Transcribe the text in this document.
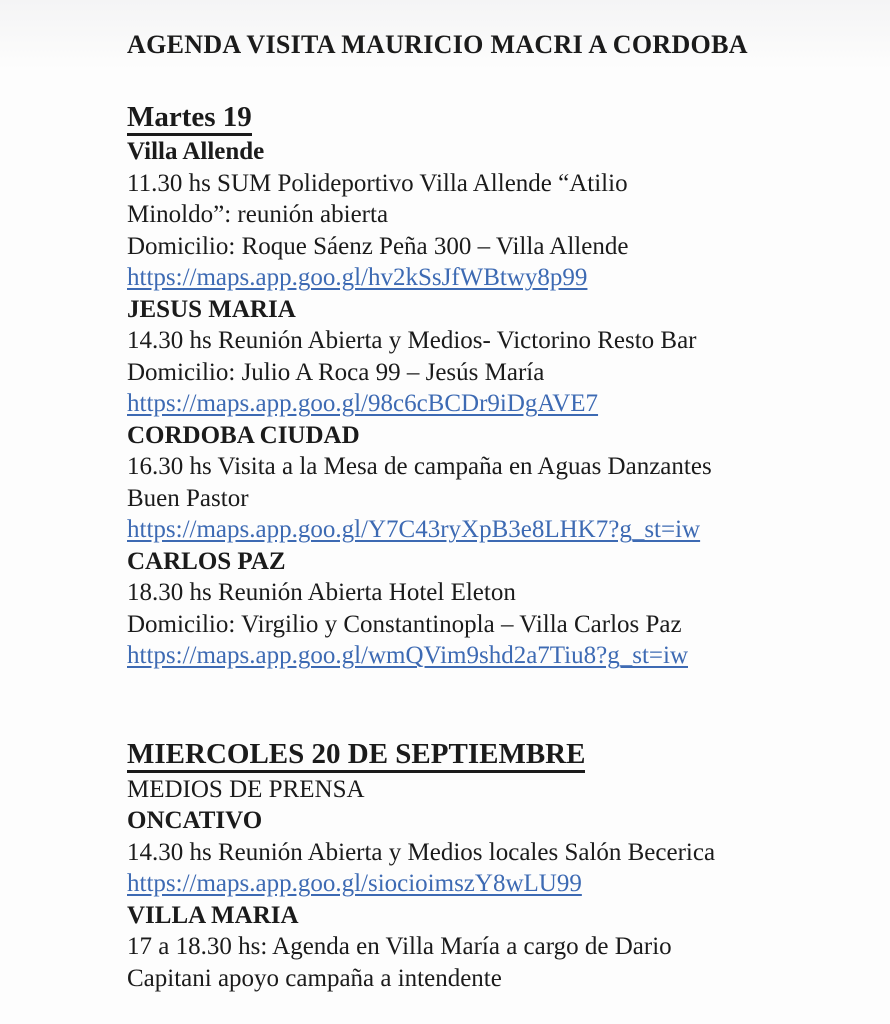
AGENDA VISITA MAURICIO MACRI A CORDOBA
Martes 19
Villa Allende
11.30 hs SUM Polideportivo Villa Allende “Atilio
Minoldo”: reunión abierta
Domicilio: Roque Sáenz Peña 300 – Villa Allende
https://maps.app.goo.gl/hv2kSsJfWBtwy8p99
JESUS MARIA
14.30 hs Reunión Abierta y Medios- Victorino Resto Bar
Domicilio: Julio A Roca 99 – Jesús María
https://maps.app.goo.gl/98c6cBCDr9iDgAVE7
CORDOBA CIUDAD
16.30 hs Visita a la Mesa de campaña en Aguas Danzantes
Buen Pastor
https://maps.app.goo.gl/Y7C43ryXpB3e8LHK7?g_st=iw
CARLOS PAZ
18.30 hs Reunión Abierta Hotel Eleton
Domicilio: Virgilio y Constantinopla – Villa Carlos Paz
https://maps.app.goo.gl/wmQVim9shd2a7Tiu8?g_st=iw
MIERCOLES 20 DE SEPTIEMBRE
MEDIOS DE PRENSA
ONCATIVO
14.30 hs Reunión Abierta y Medios locales Salón Becerica
https://maps.app.goo.gl/siocioimszY8wLU99
VILLA MARIA
17 a 18.30 hs: Agenda en Villa María a cargo de Dario
Capitani apoyo campaña a intendente
